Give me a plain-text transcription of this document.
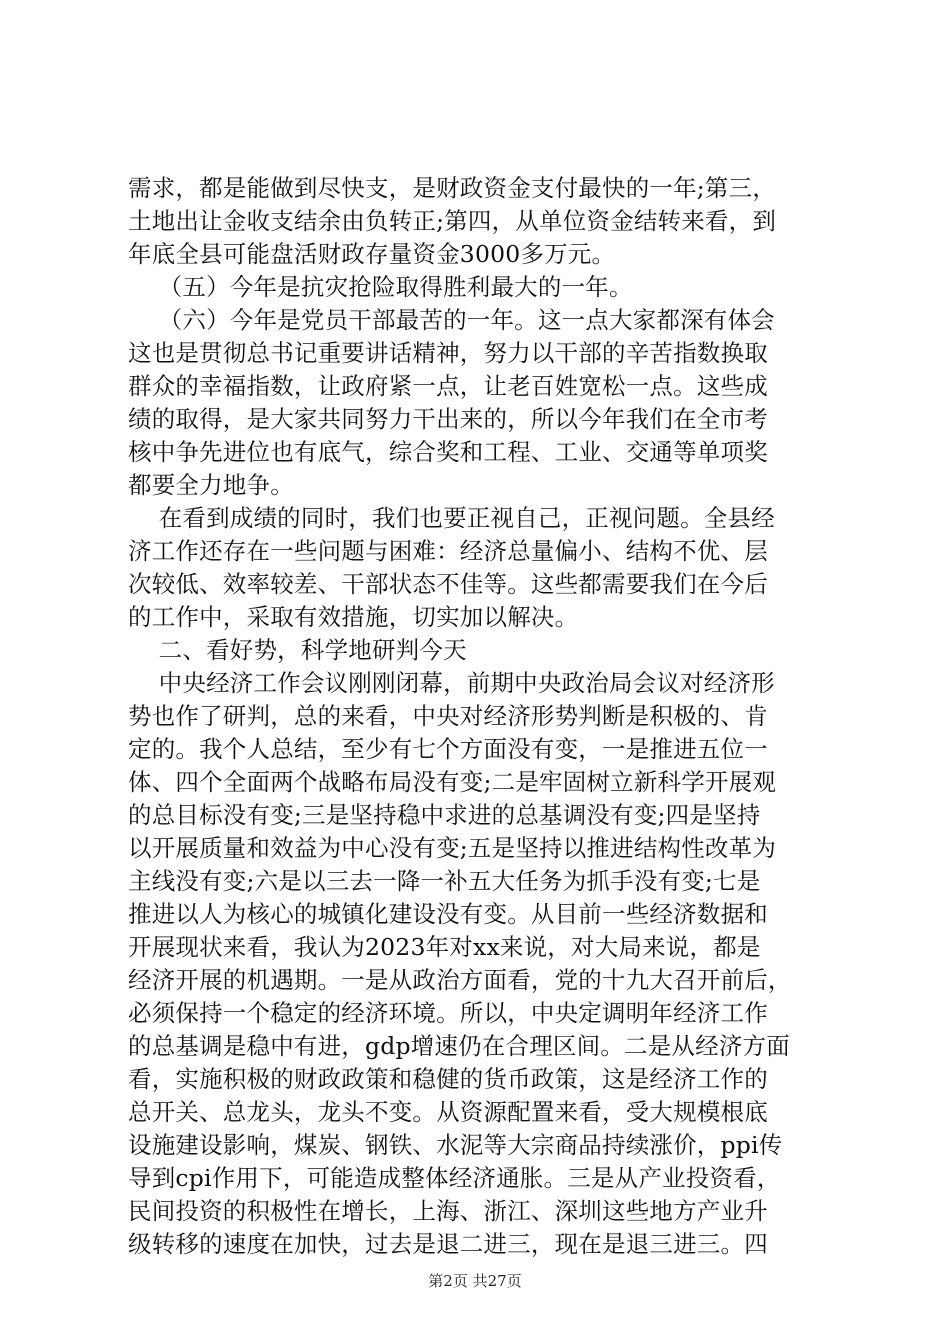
需求，都是能做到尽快支，是财政资金支付最快的一年;第三，
土地出让金收支结余由负转正;第四，从单位资金结转来看，到
年底全县可能盘活财政存量资金3000多万元。
（五）今年是抗灾抢险取得胜利最大的一年。
（六）今年是党员干部最苦的一年。这一点大家都深有体会
这也是贯彻总书记重要讲话精神，努力以干部的辛苦指数换取
群众的幸福指数，让政府紧一点，让老百姓宽松一点。这些成
绩的取得，是大家共同努力干出来的，所以今年我们在全市考
核中争先进位也有底气，综合奖和工程、工业、交通等单项奖
都要全力地争。
在看到成绩的同时，我们也要正视自己，正视问题。全县经
济工作还存在一些问题与困难：经济总量偏小、结构不优、层
次较低、效率较差、干部状态不佳等。这些都需要我们在今后
的工作中，采取有效措施，切实加以解决。
二、看好势，科学地研判今天
中央经济工作会议刚刚闭幕，前期中央政治局会议对经济形
势也作了研判，总的来看，中央对经济形势判断是积极的、肯
定的。我个人总结，至少有七个方面没有变，一是推进五位一
体、四个全面两个战略布局没有变;二是牢固树立新科学开展观
的总目标没有变;三是坚持稳中求进的总基调没有变;四是坚持
以开展质量和效益为中心没有变;五是坚持以推进结构性改革为
主线没有变;六是以三去一降一补五大任务为抓手没有变;七是
推进以人为核心的城镇化建设没有变。从目前一些经济数据和
开展现状来看，我认为2023年对xx来说，对大局来说，都是
经济开展的机遇期。一是从政治方面看，党的十九大召开前后，
必须保持一个稳定的经济环境。所以，中央定调明年经济工作
的总基调是稳中有进，gdp增速仍在合理区间。二是从经济方面
看，实施积极的财政政策和稳健的货币政策，这是经济工作的
总开关、总龙头，龙头不变。从资源配置来看，受大规模根底
设施建设影响，煤炭、钢铁、水泥等大宗商品持续涨价，ppi传
导到cpi作用下，可能造成整体经济通胀。三是从产业投资看，
民间投资的积极性在增长，上海、浙江、深圳这些地方产业升
级转移的速度在加快，过去是退二进三，现在是退三进三。四
第2页 共27页
